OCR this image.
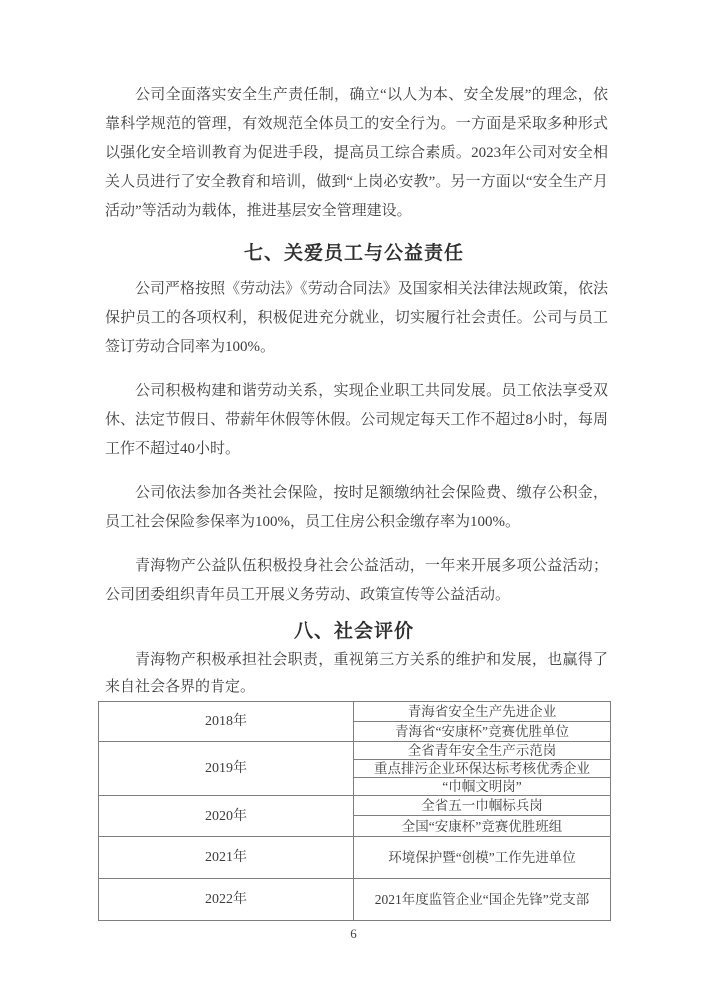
公司全面落实安全生产责任制，确立“以人为本、安全发展”的理念，依靠科学规范的管理，有效规范全体员工的安全行为。一方面是采取多种形式以强化安全培训教育为促进手段，提高员工综合素质。2023年公司对安全相关人员进行了安全教育和培训，做到“上岗必安教”。另一方面以“安全生产月活动”等活动为载体，推进基层安全管理建设。

七、关爱员工与公益责任

公司严格按照《劳动法》《劳动合同法》及国家相关法律法规政策，依法保护员工的各项权利，积极促进充分就业，切实履行社会责任。公司与员工签订劳动合同率为100%。

公司积极构建和谐劳动关系，实现企业职工共同发展。员工依法享受双休、法定节假日、带薪年休假等休假。公司规定每天工作不超过8小时，每周工作不超过40小时。

公司依法参加各类社会保险，按时足额缴纳社会保险费、缴存公积金，员工社会保险参保率为100%，员工住房公积金缴存率为100%。

青海物产公益队伍积极投身社会公益活动，一年来开展多项公益活动；公司团委组织青年员工开展义务劳动、政策宣传等公益活动。

八、社会评价

青海物产积极承担社会职责，重视第三方关系的维护和发展，也赢得了来自社会各界的肯定。

2018年	青海省安全生产先进企业
	青海省“安康杯”竞赛优胜单位
2019年	全省青年安全生产示范岗
	重点排污企业环保达标考核优秀企业
	“巾帼文明岗”
2020年	全省五一巾帼标兵岗
	全国“安康杯”竞赛优胜班组
2021年	环境保护暨“创模”工作先进单位
2022年	2021年度监管企业“国企先锋”党支部
6
